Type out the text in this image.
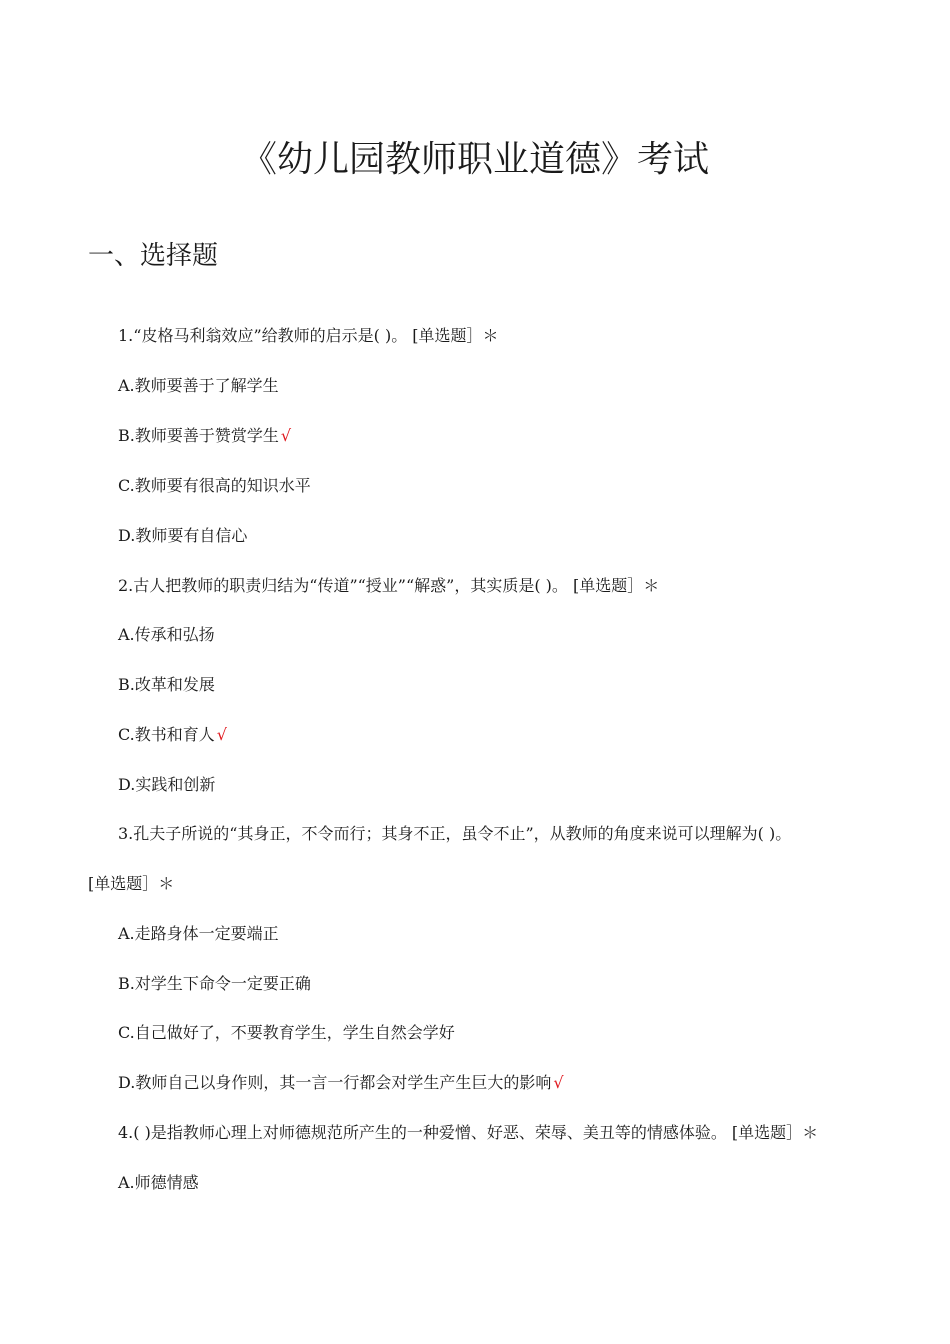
《幼儿园教师职业道德》考试
一、选择题
1.“皮格马利翁效应”给教师的启示是( )。 [单选题］＊
A.教师要善于了解学生
B.教师要善于赞赏学生 √
C.教师要有很高的知识水平
D.教师要有自信心
2.古人把教师的职责归结为“传道”“授业”“解惑”，其实质是( )。 [单选题］＊
A.传承和弘扬
B.改革和发展
C.教书和育人 √
D.实践和创新
3.孔夫子所说的“其身正，不令而行；其身不正，虽令不止”，从教师的角度来说可以理解为( )。
[单选题］＊
A.走路身体一定要端正
B.对学生下命令一定要正确
C.自己做好了，不要教育学生，学生自然会学好
D.教师自己以身作则，其一言一行都会对学生产生巨大的影响 √
4.( )是指教师心理上对师德规范所产生的一种爱憎、好恶、荣辱、美丑等的情感体验。 [单选题］＊
A.师德情感
